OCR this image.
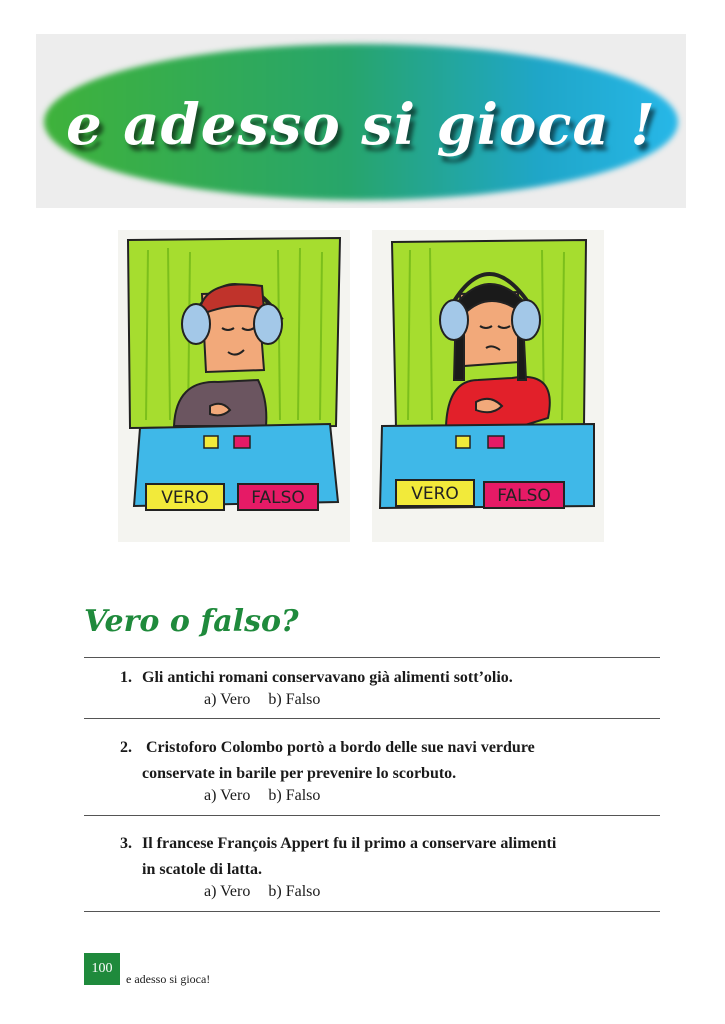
e adesso si gioca !
VERO FALSO	VERO FALSO
Vero o falso?
1. Gli antichi romani conservavano già alimenti sott’olio.
a) Vero b) Falso
2. Cristoforo Colombo portò a bordo delle sue navi verdure
conservate in barile per prevenire lo scorbuto.
a) Vero b) Falso
3. Il francese François Appert fu il primo a conservare alimenti
in scatole di latta.
a) Vero b) Falso
100
e adesso si gioca!
